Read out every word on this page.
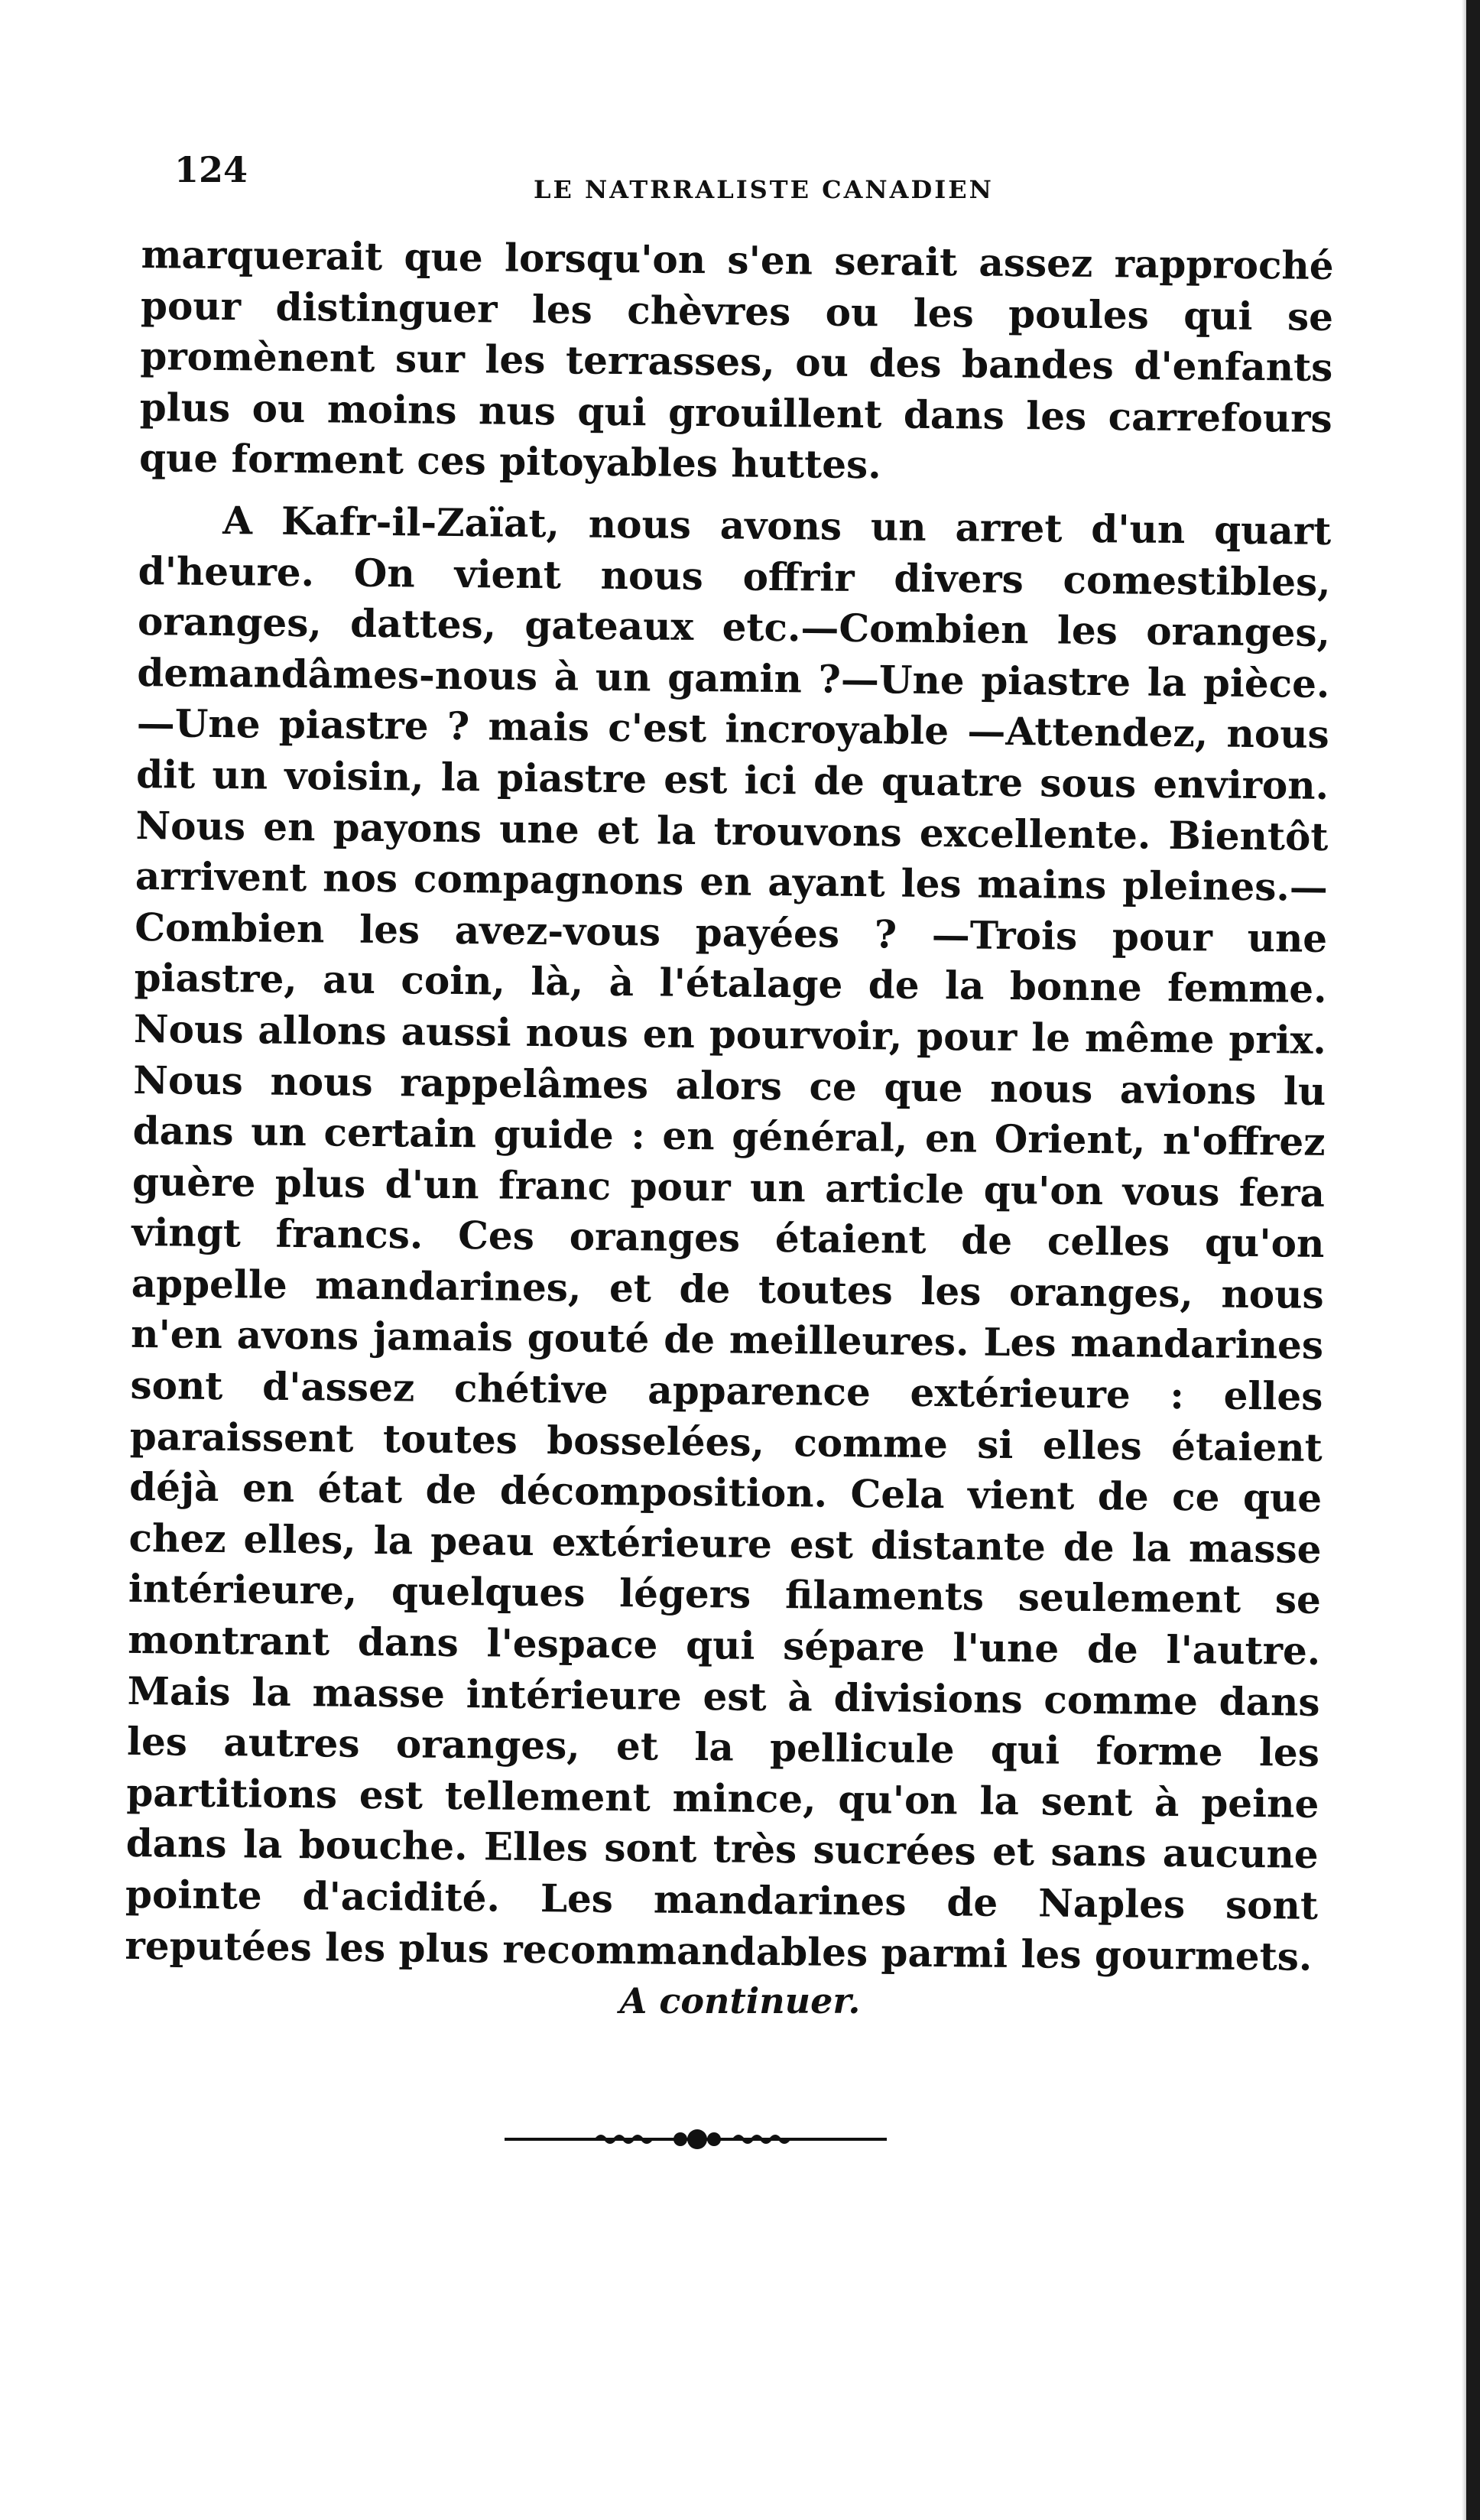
124	LE NATRRALISTE CANADIEN

marquerait que lorsqu'on s'en serait assez rapproché pour distinguer les chèvres ou les poules qui se promènent sur les terrasses, ou des bandes d'enfants plus ou moins nus qui grouillent dans les carrefours que forment ces pitoyables huttes.

A Kafr-il-Zaïat, nous avons un arret d'un quart d'heure. On vient nous offrir divers comestibles, oranges, dattes, gateaux etc.—Combien les oranges, demandâmes-nous à un gamin ?—Une piastre la pièce.—Une piastre ? mais c'est incroyable —Attendez, nous dit un voisin, la piastre est ici de quatre sous environ. Nous en payons une et la trouvons excellente. Bientôt arrivent nos compagnons en ayant les mains pleines.—Combien les avez-vous payées ? —Trois pour une piastre, au coin, là, à l'étalage de la bonne femme. Nous allons aussi nous en pourvoir, pour le même prix. Nous nous rappelâmes alors ce que nous avions lu dans un certain guide : en général, en Orient, n'offrez guère plus d'un franc pour un article qu'on vous fera vingt francs. Ces oranges étaient de celles qu'on appelle mandarines, et de toutes les oranges, nous n'en avons jamais gouté de meilleures. Les mandarines sont d'assez chétive apparence extérieure : elles paraissent toutes bosselées, comme si elles étaient déjà en état de décomposition. Cela vient de ce que chez elles, la peau extérieure est distante de la masse intérieure, quelques légers filaments seulement se montrant dans l'espace qui sépare l'une de l'autre. Mais la masse intérieure est à divisions comme dans les autres oranges, et la pellicule qui forme les partitions est tellement mince, qu'on la sent à peine dans la bouche. Elles sont très sucrées et sans aucune pointe d'acidité. Les mandarines de Naples sont reputées les plus recommandables parmi les gourmets.

A continuer.
